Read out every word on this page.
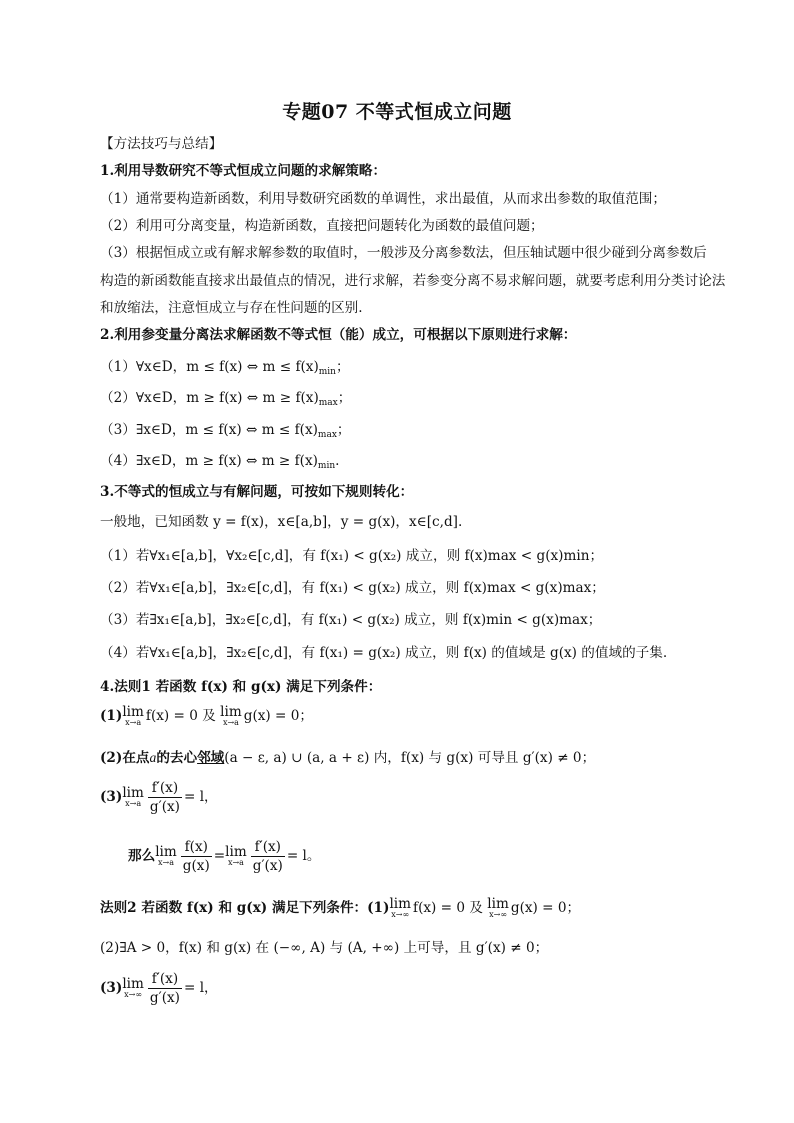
专题07 不等式恒成立问题
【方法技巧与总结】
1.利用导数研究不等式恒成立问题的求解策略：
（1）通常要构造新函数，利用导数研究函数的单调性，求出最值，从而求出参数的取值范围；
（2）利用可分离变量，构造新函数，直接把问题转化为函数的最值问题；
（3）根据恒成立或有解求解参数的取值时，一般涉及分离参数法，但压轴试题中很少碰到分离参数后
构造的新函数能直接求出最值点的情况，进行求解，若参变分离不易求解问题，就要考虑利用分类讨论法
和放缩法，注意恒成立与存在性问题的区别.
2.利用参变量分离法求解函数不等式恒（能）成立，可根据以下原则进行求解：
（1）∀x∈D，m ≤ f(x) ⇔ $m \le f(x)_{min}$；
（2）∀x∈D，m ≥ f(x) ⇔ $m \ge f(x)_{max}$；
（3）∃x∈D，m ≤ f(x) ⇔ $m \le f(x)_{max}$；
（4）∃x∈D，m ≥ f(x) ⇔ $m \ge f(x)_{min}$.
3.不等式的恒成立与有解问题，可按如下规则转化：
一般地，已知函数 y = f(x)，x∈[a,b]，y = g(x)，x∈[c,d].
（1）若∀x₁∈[a,b]，∀x₂∈[c,d]，有 f(x₁) < g(x₂) 成立，则 f(x)max < g(x)min；
（2）若∀x₁∈[a,b]，∃x₂∈[c,d]，有 f(x₁) < g(x₂) 成立，则 f(x)max < g(x)max；
（3）若∃x₁∈[a,b]，∃x₂∈[c,d]，有 f(x₁) < g(x₂) 成立，则 f(x)min < g(x)max；
（4）若∀x₁∈[a,b]，∃x₂∈[c,d]，有 f(x₁) = g(x₂) 成立，则 f(x) 的值域是 g(x) 的值域的子集.
4.法则1 若函数 f(x) 和 g(x) 满足下列条件：
(1) lim
x→a f(x) = 0 及 lim
x→a g(x) = 0；
(2)在点a的去心邻域(a − ε, a) ∪ (a, a + ε) 内，f(x) 与 g(x) 可导且 g′(x) ≠ 0；
(3) lim
$x\to a \frac{f'(x)}{g'(x)} = l$，
那么 lim
$x\to a \frac{f(x)}{g(x)} = \lim$
$x\to a \frac{f'(x)}{g'(x)} = l$。
法则2 若函数 f(x) 和 g(x) 满足下列条件：(1) lim
x→∞ f(x) = 0 及 lim
x→∞ g(x) = 0；
(2)∃A > 0，f(x) 和 g(x) 在 (−∞, A) 与 (A, +∞) 上可导，且 g′(x) ≠ 0；
(3) lim
$x\to\infty \frac{f'(x)}{g'(x)} = l$，
